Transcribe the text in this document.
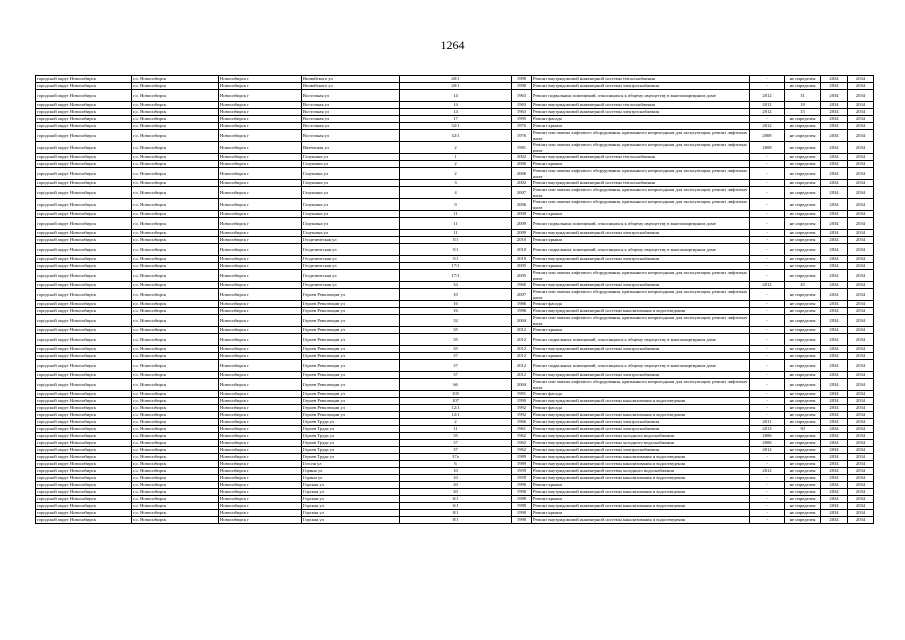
1264
городской округ Новосибирск	г.о. Новосибирск	Новосибирск г	Вилюйского ул	40/1	1990	Ремонт внутридомовой инженерной системы теплоснабжения	-	не определен	2034	2034
городской округ Новосибирск	г.о. Новосибирск	Новосибирск г	Вилюйского ул	40/1	1990	Ремонт внутридомовой инженерной системы электроснабжения	-	не определен	2034	2034
городской округ Новосибирск	г.о. Новосибирск	Новосибирск г	Восточная ул	14	1963	Ремонт подвальных помещений, относящихся к общему имуществу в многоквартирном доме	2012	31	2034	2034
городской округ Новосибирск	г.о. Новосибирск	Новосибирск г	Восточная ул	14	1963	Ремонт внутридомовой инженерной системы теплоснабжения	2012	18	2034	2034
городской округ Новосибирск	г.о. Новосибирск	Новосибирск г	Восточная ул	14	1963	Ремонт внутридомовой инженерной системы электроснабжения	2012	15	2034	2034
городской округ Новосибирск	г.о. Новосибирск	Новосибирск г	Восточная ул	17	1995	Ремонт фасада	-	не определен	2034	2034
городской округ Новосибирск	г.о. Новосибирск	Новосибирск г	Восточная ул	32/1	1976	Ремонт крыши	2012	не определен	2034	2034
городской округ Новосибирск	г.о. Новосибирск	Новосибирск г	Восточная ул	32/1	1976	Ремонт или замена лифтового оборудования, признанного непригодным для эксплуатации, ремонт лифтовых шахт	2008	не определен	2034	2034
городской округ Новосибирск	г.о. Новосибирск	Новосибирск г	Вяземская ул	2	1981	Ремонт или замена лифтового оборудования, признанного непригодным для эксплуатации, ремонт лифтовых шахт	2008	не определен	2034	2034
городской округ Новосибирск	г.о. Новосибирск	Новосибирск г	Гаоушина ул	1	2002	Ремонт внутридомовой инженерной системы теплоснабжения	-	не определен	2034	2034
городской округ Новосибирск	г.о. Новосибирск	Новосибирск г	Гаоушина ул	2	2006	Ремонт крыши	-	не определен	2034	2034
городской округ Новосибирск	г.о. Новосибирск	Новосибирск г	Гаоушина ул	2	2006	Ремонт или замена лифтового оборудования, признанного непригодным для эксплуатации, ремонт лифтовых шахт	-	не определен	2034	2034
городской округ Новосибирск	г.о. Новосибирск	Новосибирск г	Гаоушина ул	3	2002	Ремонт внутридомовой инженерной системы теплоснабжения	-	не определен	2034	2034
городской округ Новосибирск	г.о. Новосибирск	Новосибирск г	Гаоушина ул	4	2007	Ремонт или замена лифтового оборудования, признанного непригодным для эксплуатации, ремонт лифтовых шахт	-	не определен	2034	2034
городской округ Новосибирск	г.о. Новосибирск	Новосибирск г	Гаоушина ул	9	2006	Ремонт или замена лифтового оборудования, признанного непригодным для эксплуатации, ремонт лифтовых шахт	-	не определен	2034	2034
городской округ Новосибирск	г.о. Новосибирск	Новосибирск г	Гаоушина ул	11	2009	Ремонт крыши	-	не определен	2034	2034
городской округ Новосибирск	г.о. Новосибирск	Новосибирск г	Гаоушина ул	11	2009	Ремонт подвальных помещений, относящихся к общему имуществу в многоквартирном доме	-	не определен	2034	2034
городской округ Новосибирск	г.о. Новосибирск	Новосибирск г	Гаоушина ул	11	2009	Ремонт внутридомовой инженерной системы электроснабжения	-	не определен	2034	2034
городской округ Новосибирск	г.о. Новосибирск	Новосибирск г	Геодезическая ул	5/1	2010	Ремонт крыши	-	не определен	2034	2034
городской округ Новосибирск	г.о. Новосибирск	Новосибирск г	Геодезическая ул	5/1	2010	Ремонт подвальных помещений, относящихся к общему имуществу в многоквартирном доме	-	не определен	2034	2034
городской округ Новосибирск	г.о. Новосибирск	Новосибирск г	Геодезическая ул	5/1	2010	Ремонт внутридомовой инженерной системы электроснабжения	-	не определен	2034	2034
городской округ Новосибирск	г.о. Новосибирск	Новосибирск г	Геодезическая ул	17/1	2005	Ремонт крыши	-	не определен	2034	2034
городской округ Новосибирск	г.о. Новосибирск	Новосибирск г	Геодезическая ул	17/1	2005	Ремонт или замена лифтового оборудования, признанного непригодным для эксплуатации, ремонт лифтовых шахт	-	не определен	2034	2034
городской округ Новосибирск	г.о. Новосибирск	Новосибирск г	Геодезическая ул	34	1960	Ремонт внутридомовой инженерной системы электроснабжения	2012	45	2034	2034
городской округ Новосибирск	г.о. Новосибирск	Новосибирск г	Героев Революции ул	10	2007	Ремонт или замена лифтового оборудования, признанного непригодным для эксплуатации, ремонт лифтовых шахт	-	не определен	2034	2034
городской округ Новосибирск	г.о. Новосибирск	Новосибирск г	Героев Революции ул	16	1986	Ремонт фасада	-	не определен	2034	2034
городской округ Новосибирск	г.о. Новосибирск	Новосибирск г	Героев Революции ул	16	1986	Ремонт внутридомовой инженерной системы канализования и водоотведения	-	не определен	2034	2034
городской округ Новосибирск	г.о. Новосибирск	Новосибирск г	Героев Революции ул	32	2004	Ремонт или замена лифтового оборудования, признанного непригодным для эксплуатации, ремонт лифтовых шахт	-	не определен	2034	2034
городской округ Новосибирск	г.о. Новосибирск	Новосибирск г	Героев Революции ул	35	2012	Ремонт крыши	-	не определен	2034	2034
городской округ Новосибирск	г.о. Новосибирск	Новосибирск г	Героев Революции ул	35	2012	Ремонт подвальных помещений, относящихся к общему имуществу в многоквартирном доме	-	не определен	2034	2034
городской округ Новосибирск	г.о. Новосибирск	Новосибирск г	Героев Революции ул	35	2012	Ремонт внутридомовой инженерной системы электроснабжения	-	не определен	2034	2034
городской округ Новосибирск	г.о. Новосибирск	Новосибирск г	Героев Революции ул	37	2012	Ремонт крыши	-	не определен	2034	2034
городской округ Новосибирск	г.о. Новосибирск	Новосибирск г	Героев Революции ул	37	2012	Ремонт подвальных помещений, относящихся к общему имуществу в многоквартирном доме	-	не определен	2034	2034
городской округ Новосибирск	г.о. Новосибирск	Новосибирск г	Героев Революции ул	37	2012	Ремонт внутридомовой инженерной системы электроснабжения	-	не определен	2034	2034
городской округ Новосибирск	г.о. Новосибирск	Новосибирск г	Героев Революции ул	66	2004	Ремонт или замена лифтового оборудования, признанного непригодным для эксплуатации, ремонт лифтовых шахт	-	не определен	2034	2034
городской округ Новосибирск	г.о. Новосибирск	Новосибирск г	Героев Революции ул	105	1991	Ремонт фасада	-	не определен	2034	2034
городской округ Новосибирск	г.о. Новосибирск	Новосибирск г	Героев Революции ул	107	1990	Ремонт внутридомовой инженерной системы канализования и водоотведения	-	не определен	2034	2034
городской округ Новосибирск	г.о. Новосибирск	Новосибирск г	Героев Революции ул	12/1	1992	Ремонт фасада	-	не определен	2034	2034
городской округ Новосибирск	г.о. Новосибирск	Новосибирск г	Героев Революции ул	12/1	1992	Ремонт внутридомовой инженерной системы канализования и водоотведения	-	не определен	2034	2034
городской округ Новосибирск	г.о. Новосибирск	Новосибирск г	Героев Труда ул	2	1966	Ремонт внутридомовой инженерной системы электроснабжения	2011	не определен	2034	2034
городской округ Новосибирск	г.о. Новосибирск	Новосибирск г	Героев Труда ул	11	1961	Ремонт внутридомовой инженерной системы электроснабжения	2013	50	2034	2034
городской округ Новосибирск	г.о. Новосибирск	Новосибирск г	Героев Труда ул	35	1962	Ремонт внутридомовой инженерной системы холодного водоснабжения	2006	не определен	2034	2034
городской округ Новосибирск	г.о. Новосибирск	Новосибирск г	Героев Труда ул	37	1962	Ремонт внутридомовой инженерной системы холодного водоснабжения	2006	не определен	2034	2034
городской округ Новосибирск	г.о. Новосибирск	Новосибирск г	Героев Труда ул	37	1962	Ремонт внутридомовой инженерной системы электроснабжения	2012	не определен	2034	2034
городской округ Новосибирск	г.о. Новосибирск	Новосибирск г	Героев Труда ул	37а	1989	Ремонт внутридомовой инженерной системы канализования и водоотведения	-	не определен	2034	2034
городской округ Новосибирск	г.о. Новосибирск	Новосибирск г	Гоголя ул	6	1989	Ремонт внутридомовой инженерной системы канализования и водоотведения	-	не определен	2034	2034
городской округ Новосибирск	г.о. Новосибирск	Новосибирск г	Горина ул	10	1959	Ремонт внутридомовой инженерной системы холодного водоснабжения	2012	не определен	2034	2034
городской округ Новосибирск	г.о. Новосибирск	Новосибирск г	Горина ул	10	1959	Ремонт внутридомовой инженерной системы канализования и водоотведения	-	не определен	2034	2034
городской округ Новосибирск	г.о. Новосибирск	Новосибирск г	Горская ул	20	1990	Ремонт крыши	-	не определен	2034	2034
городской округ Новосибирск	г.о. Новосибирск	Новосибирск г	Горская ул	20	1990	Ремонт внутридомовой инженерной системы канализования и водоотведения	-	не определен	2034	2034
городской округ Новосибирск	г.о. Новосибирск	Новосибирск г	Горская ул	6/1	1989	Ремонт крыши	-	не определен	2034	2034
городской округ Новосибирск	г.о. Новосибирск	Новосибирск г	Горская ул	6/1	1989	Ремонт внутридомовой инженерной системы канализования и водоотведения	-	не определен	2034	2034
городской округ Новосибирск	г.о. Новосибирск	Новосибирск г	Горская ул	8/1	1990	Ремонт крыши	-	не определен	2034	2034
городской округ Новосибирск	г.о. Новосибирск	Новосибирск г	Горская ул	8/1	1990	Ремонт внутридомовой инженерной системы канализования и водоотведения	-	не определен	2034	2034
